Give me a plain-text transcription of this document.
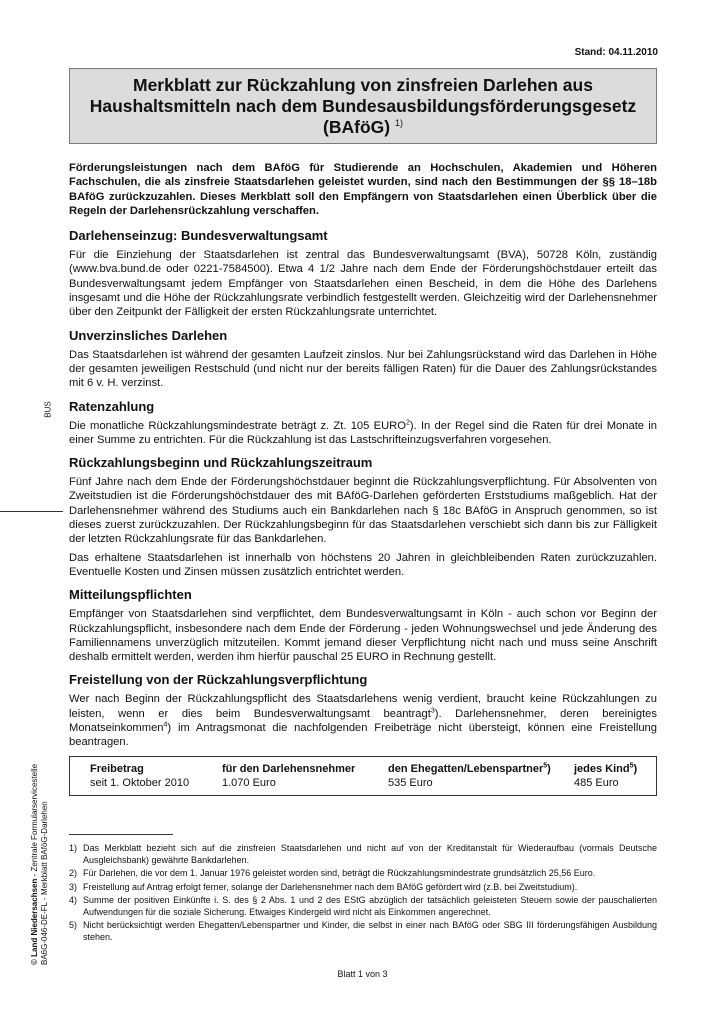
Stand: 04.11.2010
Merkblatt zur Rückzahlung von zinsfreien Darlehen aus
Haushaltsmitteln nach dem Bundesausbildungsförderungsgesetz
(BAföG) $^{1)}$

Förderungsleistungen nach dem BAföG für Studierende an Hochschulen, Akademien und Höheren Fachschulen, die als zinsfreie Staatsdarlehen geleistet wurden, sind nach den Bestimmungen der §§ 18–18b BAföG zurückzuzahlen. Dieses Merkblatt soll den Empfängern von Staatsdarlehen einen Überblick über die Regeln der Darlehensrückzahlung verschaffen.

Darlehenseinzug: Bundesverwaltungsamt

Für die Einziehung der Staatsdarlehen ist zentral das Bundesverwaltungsamt (BVA), 50728 Köln, zuständig (www.bva.bund.de oder 0221-7584500). Etwa 4 1/2 Jahre nach dem Ende der Förderungshöchstdauer erteilt das Bundesverwaltungsamt jedem Empfänger von Staatsdarlehen einen Bescheid, in dem die Höhe des Darlehens insgesamt und die Höhe der Rückzahlungsrate verbindlich festgestellt werden. Gleichzeitig wird der Darlehensnehmer über den Zeitpunkt der Fälligkeit der ersten Rückzahlungsrate unterrichtet.

Unverzinsliches Darlehen

Das Staatsdarlehen ist während der gesamten Laufzeit zinslos. Nur bei Zahlungsrückstand wird das Darlehen in Höhe der gesamten jeweiligen Restschuld (und nicht nur der bereits fälligen Raten) für die Dauer des Zahlungsrückstandes mit 6 v. H. verzinst.

Ratenzahlung

Die monatliche Rückzahlungsmindestrate beträgt z. Zt. 105 EURO$^2$). In der Regel sind die Raten für drei Monate in einer Summe zu entrichten. Für die Rückzahlung ist das Lastschrifteinzugsverfahren vorgesehen.

Rückzahlungsbeginn und Rückzahlungszeitraum

Fünf Jahre nach dem Ende der Förderungshöchstdauer beginnt die Rückzahlungsverpflichtung. Für Absolventen von Zweitstudien ist die Förderungshöchstdauer des mit BAföG-Darlehen geförderten Erststudiums maßgeblich. Hat der Darlehensnehmer während des Studiums auch ein Bankdarlehen nach § 18c BAföG in Anspruch genommen, so ist dieses zuerst zurückzuzahlen. Der Rückzahlungsbeginn für das Staatsdarlehen verschiebt sich dann bis zur Fälligkeit der letzten Rückzahlungsrate für das Bankdarlehen.

Das erhaltene Staatsdarlehen ist innerhalb von höchstens 20 Jahren in gleichbleibenden Raten zurückzuzahlen. Eventuelle Kosten und Zinsen müssen zusätzlich entrichtet werden.

Mitteilungspflichten

Empfänger von Staatsdarlehen sind verpflichtet, dem Bundesverwaltungsamt in Köln - auch schon vor Beginn der Rückzahlungspflicht, insbesondere nach dem Ende der Förderung - jeden Wohnungswechsel und jede Änderung des Familiennamens unverzüglich mitzuteilen. Kommt jemand dieser Verpflichtung nicht nach und muss seine Anschrift deshalb ermittelt werden, werden ihm hierfür pauschal 25 EURO in Rechnung gestellt.

Freistellung von der Rückzahlungsverpflichtung

Wer nach Beginn der Rückzahlungspflicht des Staatsdarlehens wenig verdient, braucht keine Rückzahlungen zu leisten, wenn er dies beim Bundesverwaltungsamt beantragt$^3$). Darlehensnehmer, deren bereinigtes Monatseinkommen$^4$) im Antragsmonat die nachfolgenden Freibeträge nicht übersteigt, können eine Freistellung beantragen.

Freibetrag	für den Darlehensnehmer	den Ehegatten/Lebenspartner$^5$)	jedes Kind$^5$)
seit 1. Oktober 2010	1.070 Euro	535 Euro	485 Euro
1) Das Merkblatt bezieht sich auf die zinsfreien Staatsdarlehen und nicht auf von der Kreditanstalt für Wiederaufbau (vormals Deutsche Ausgleichsbank) gewährte Bankdarlehen.
2) Für Darlehen, die vor dem 1. Januar 1976 geleistet worden sind, beträgt die Rückzahlungsmindestrate grundsätzlich 25,56 Euro.
3) Freistellung auf Antrag erfolgt ferner, solange der Darlehensnehmer nach dem BAföG gefördert wird (z.B. bei Zweitstudium).
4) Summe der positiven Einkünfte i. S. des § 2 Abs. 1 und 2 des EStG abzüglich der tatsächlich geleisteten Steuern sowie der pauschalierten Aufwendungen für die soziale Sicherung. Etwaiges Kindergeld wird nicht als Einkommen angerechnet.
5) Nicht berücksichtigt werden Ehegatten/Lebenspartner und Kinder, die selbst in einer nach BAföG oder SBG III förderungsfähigen Ausbildung stehen.
Blatt 1 von 3
BUS
© Land Niedersachsen - Zentrale Formularservicestelle BA6G-046-DE-FL - Merkblatt BAföG-Darlehen
